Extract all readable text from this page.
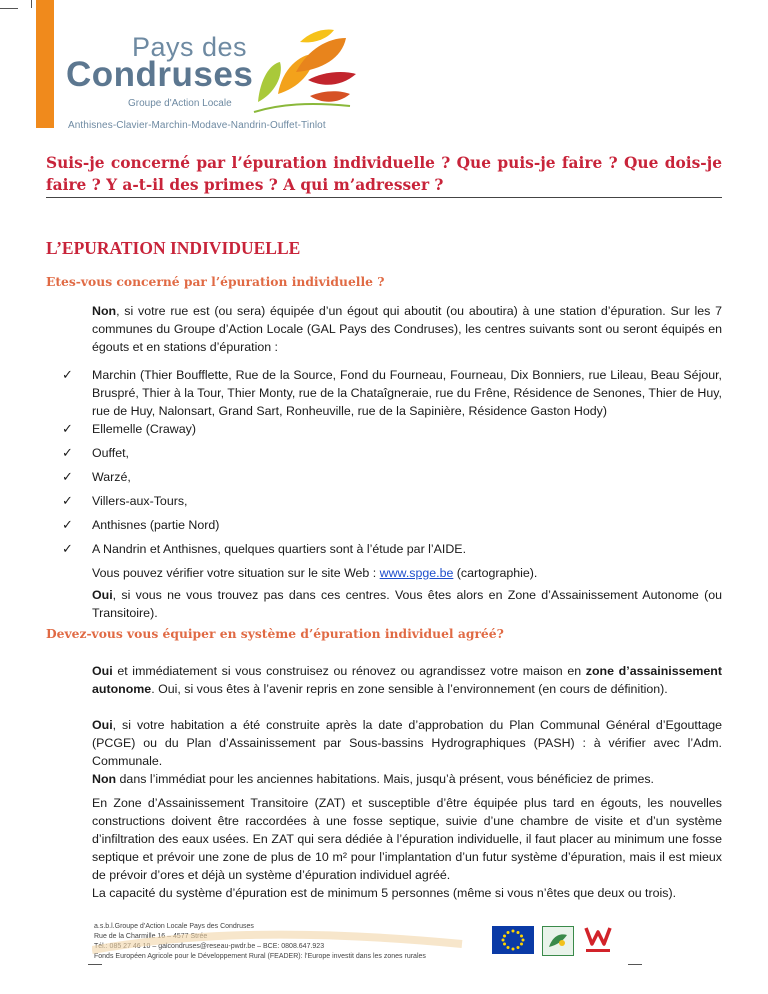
Pays des
Condruses
Groupe d'Action Locale
Anthisnes-Clavier-Marchin-Modave-Nandrin-Ouffet-Tinlot
Suis-je concerné par l’épuration individuelle ? Que puis-je faire ? Que dois-je faire ? Y a-t-il des primes ? A qui m’adresser ?
L’EPURATION INDIVIDUELLE
Etes-vous concerné par l’épuration individuelle ?
Non, si votre rue est (ou sera) équipée d’un égout qui aboutit (ou aboutira) à une station d’épuration. Sur les 7 communes du Groupe d’Action Locale (GAL Pays des Condruses), les centres suivants sont ou seront équipés en égouts et en stations d’épuration :
✓	Marchin (Thier Boufflette, Rue de la Source, Fond du Fourneau, Fourneau, Dix Bonniers, rue Lileau, Beau Séjour, Bruspré, Thier à la Tour, Thier Monty, rue de la Chataîgneraie, rue du Frêne, Résidence de Senones, Thier de Huy, rue de Huy, Nalonsart, Grand Sart, Ronheuville, rue de la Sapinière, Résidence Gaston Hody)
✓	Ellemelle (Craway)
✓	Ouffet,
✓	Warzé,
✓	Villers-aux-Tours,
✓	Anthisnes (partie Nord)
✓	A Nandrin et Anthisnes, quelques quartiers sont à l’étude par l’AIDE.
Vous pouvez vérifier votre situation sur le site Web : www.spge.be (cartographie).
Oui, si vous ne vous trouvez pas dans ces centres. Vous êtes alors en Zone d’Assainissement Autonome (ou Transitoire).
Devez-vous vous équiper en système d’épuration individuel agréé?
Oui et immédiatement si vous construisez ou rénovez ou agrandissez votre maison en zone d’assainissement autonome. Oui, si vous êtes à l’avenir repris en zone sensible à l’environnement (en cours de définition).
Oui, si votre habitation a été construite après la date d’approbation du Plan Communal Général d’Egouttage (PCGE) ou du Plan d’Assainissement par Sous-bassins Hydrographiques (PASH) : à vérifier avec l’Adm. Communale.
Non dans l’immédiat pour les anciennes habitations. Mais, jusqu’à présent, vous bénéficiez de primes.
En Zone d’Assainissement Transitoire (ZAT) et susceptible d’être équipée plus tard en égouts, les nouvelles constructions doivent être raccordées à une fosse septique, suivie d’une chambre de visite et d’un système d’infiltration des eaux usées. En ZAT qui sera dédiée à l’épuration individuelle, il faut placer au minimum une fosse septique et prévoir une zone de plus de 10 m² pour l’implantation d’un futur système d’épuration, mais il est mieux de prévoir d’ores et déjà un système d’épuration individuel agréé.
La capacité du système d’épuration est de minimum 5 personnes (même si vous n’êtes que deux ou trois).
a.s.b.l.Groupe d’Action Locale Pays des Condruses
Rue de la Charmille 16 – 4577 Strée
Tél.: 085 27 46 10 – galcondruses@reseau-pwdr.be – BCE: 0808.647.923
Fonds Européen Agricole pour le Développement Rural (FEADER): l’Europe investit dans les zones rurales
